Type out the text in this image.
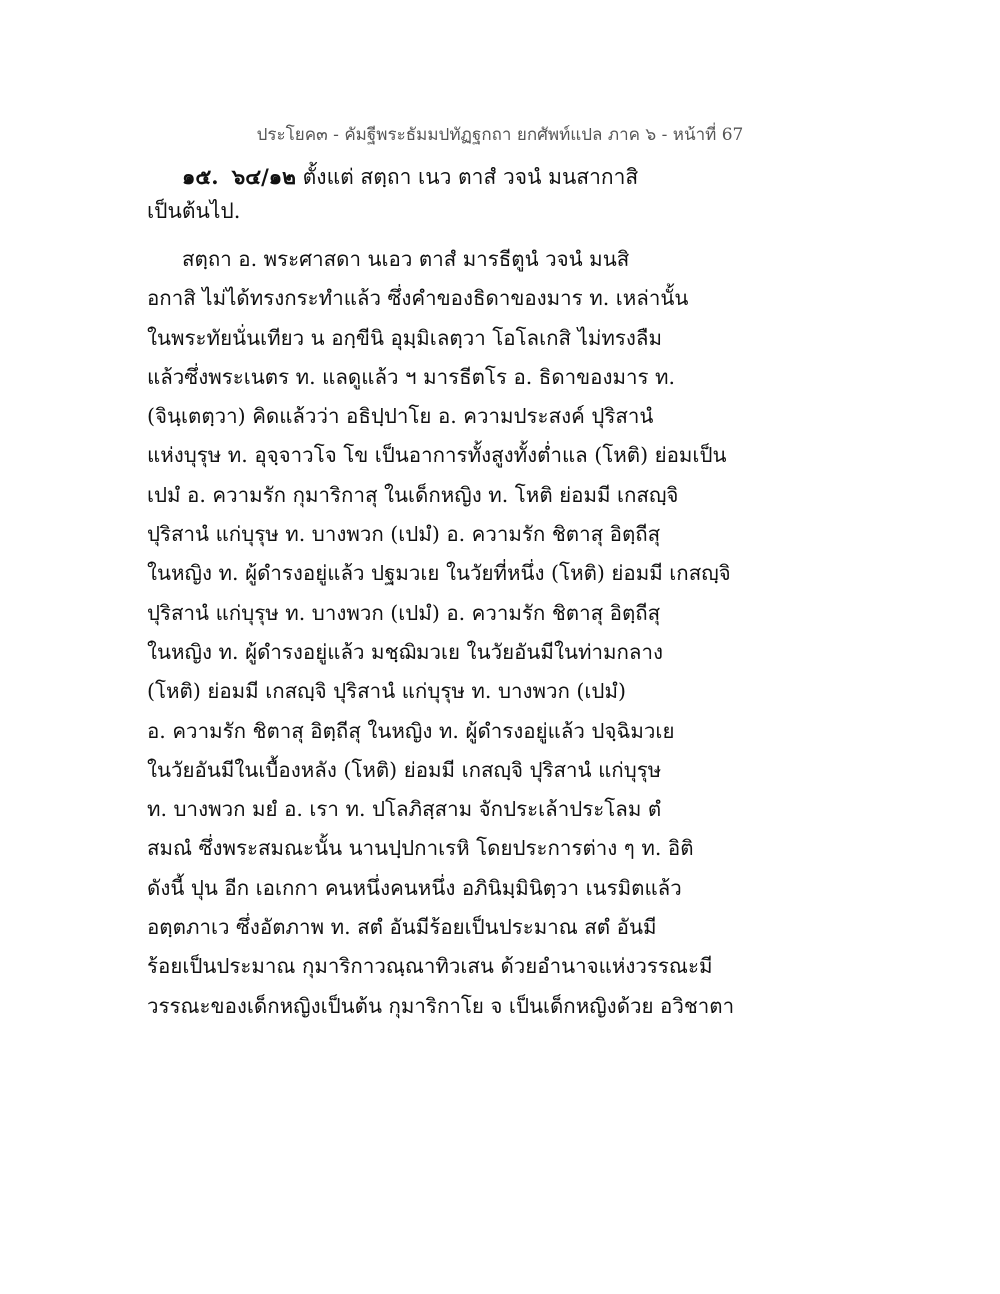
ประโยค๓ - คัมฐีพระธัมมปทัฏฐกถา ยกศัพท์แปล ภาค ๖ - หน้าที่ 67
๑๕. ๖๔/๑๒ ตั้งแต่ สตฺถา เนว ตาสํ วจนํ มนสากาสิ
เป็นต้นไป.
สตฺถา อ. พระศาสดา นเอว ตาสํ มารธีตูนํ วจนํ มนสิ
อกาสิ ไม่ได้ทรงกระทำแล้ว ซึ่งคำของธิดาของมาร ท. เหล่านั้น
ในพระทัยนั่นเทียว น อกฺขีนิ อุมฺมิเลตฺวา โอโลเกสิ ไม่ทรงลืม
แล้วซึ่งพระเนตร ท. แลดูแล้ว ฯ มารธีตโร อ. ธิดาของมาร ท.
(จินฺเตตฺวา) คิดแล้วว่า อธิปฺปาโย อ. ความประสงค์ ปุริสานํ
แห่งบุรุษ ท. อุจฺจาวโจ โข เป็นอาการทั้งสูงทั้งต่ำแล (โหติ) ย่อมเป็น
เปมํ อ. ความรัก กุมาริกาสุ ในเด็กหญิง ท. โหติ ย่อมมี เกสญฺจิ
ปุริสานํ แก่บุรุษ ท. บางพวก (เปมํ) อ. ความรัก ชิตาสุ อิตฺถีสุ
ในหญิง ท. ผู้ดำรงอยู่แล้ว ปฐมวเย ในวัยที่หนึ่ง (โหติ) ย่อมมี เกสญฺจิ
ปุริสานํ แก่บุรุษ ท. บางพวก (เปมํ) อ. ความรัก ชิตาสุ อิตฺถีสุ
ในหญิง ท. ผู้ดำรงอยู่แล้ว มชฺฌิมวเย ในวัยอันมีในท่ามกลาง
(โหติ) ย่อมมี เกสญฺจิ ปุริสานํ แก่บุรุษ ท. บางพวก (เปมํ)
อ. ความรัก ชิตาสุ อิตฺถีสุ ในหญิง ท. ผู้ดำรงอยู่แล้ว ปจฺฉิมวเย
ในวัยอันมีในเบื้องหลัง (โหติ) ย่อมมี เกสญฺจิ ปุริสานํ แก่บุรุษ
ท. บางพวก มยํ อ. เรา ท. ปโลภิสฺสาม จักประเล้าประโลม ตํ
สมณํ ซึ่งพระสมณะนั้น นานปฺปกาเรหิ โดยประการต่าง ๆ ท. อิติ
ดังนี้ ปุน อีก เอเกกา คนหนึ่งคนหนึ่ง อภินิมฺมินิตฺวา เนรมิตแล้ว
อตฺตภาเว ซึ่งอัตภาพ ท. สตํ อันมีร้อยเป็นประมาณ สตํ อันมี
ร้อยเป็นประมาณ กุมาริกาวณฺณาทิวเสน ด้วยอำนาจแห่งวรรณะมี
วรรณะของเด็กหญิงเป็นต้น กุมาริกาโย จ เป็นเด็กหญิงด้วย อวิชาตา
